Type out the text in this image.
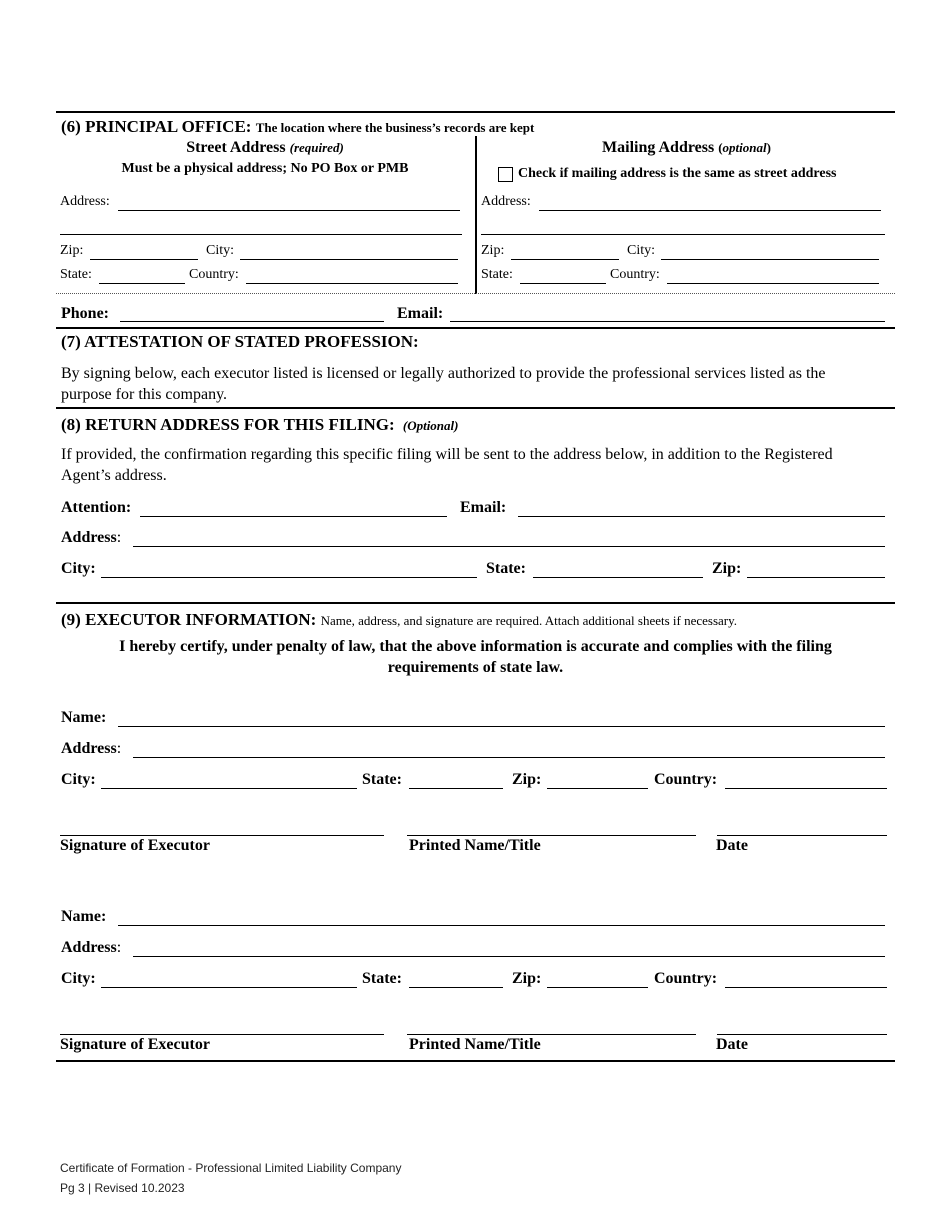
(6) PRINCIPAL OFFICE: The location where the business’s records are kept
Street Address (required)
Must be a physical address; No PO Box or PMB
Address:
Zip:	City:
State:	Country:
Mailing Address (optional)
Check if mailing address is the same as street address
Address:
Zip:	City:
State:	Country:
Phone:	Email:
(7) ATTESTATION OF STATED PROFESSION:
By signing below, each executor listed is licensed or legally authorized to provide the professional services listed as the
purpose for this company.
(8) RETURN ADDRESS FOR THIS FILING: (Optional)
If provided, the confirmation regarding this specific filing will be sent to the address below, in addition to the Registered
Agent’s address.
Attention:	Email:
Address:
City:	State:	Zip:
(9) EXECUTOR INFORMATION: Name, address, and signature are required. Attach additional sheets if necessary.
I hereby certify, under penalty of law, that the above information is accurate and complies with the filing
requirements of state law.
Name:
Address:
City:	State:	Zip:	Country:
Signature of Executor	Printed Name/Title	Date
Name:
Address:
City:	State:	Zip:	Country:
Signature of Executor	Printed Name/Title	Date
Certificate of Formation - Professional Limited Liability Company
Pg 3 | Revised 10.2023
